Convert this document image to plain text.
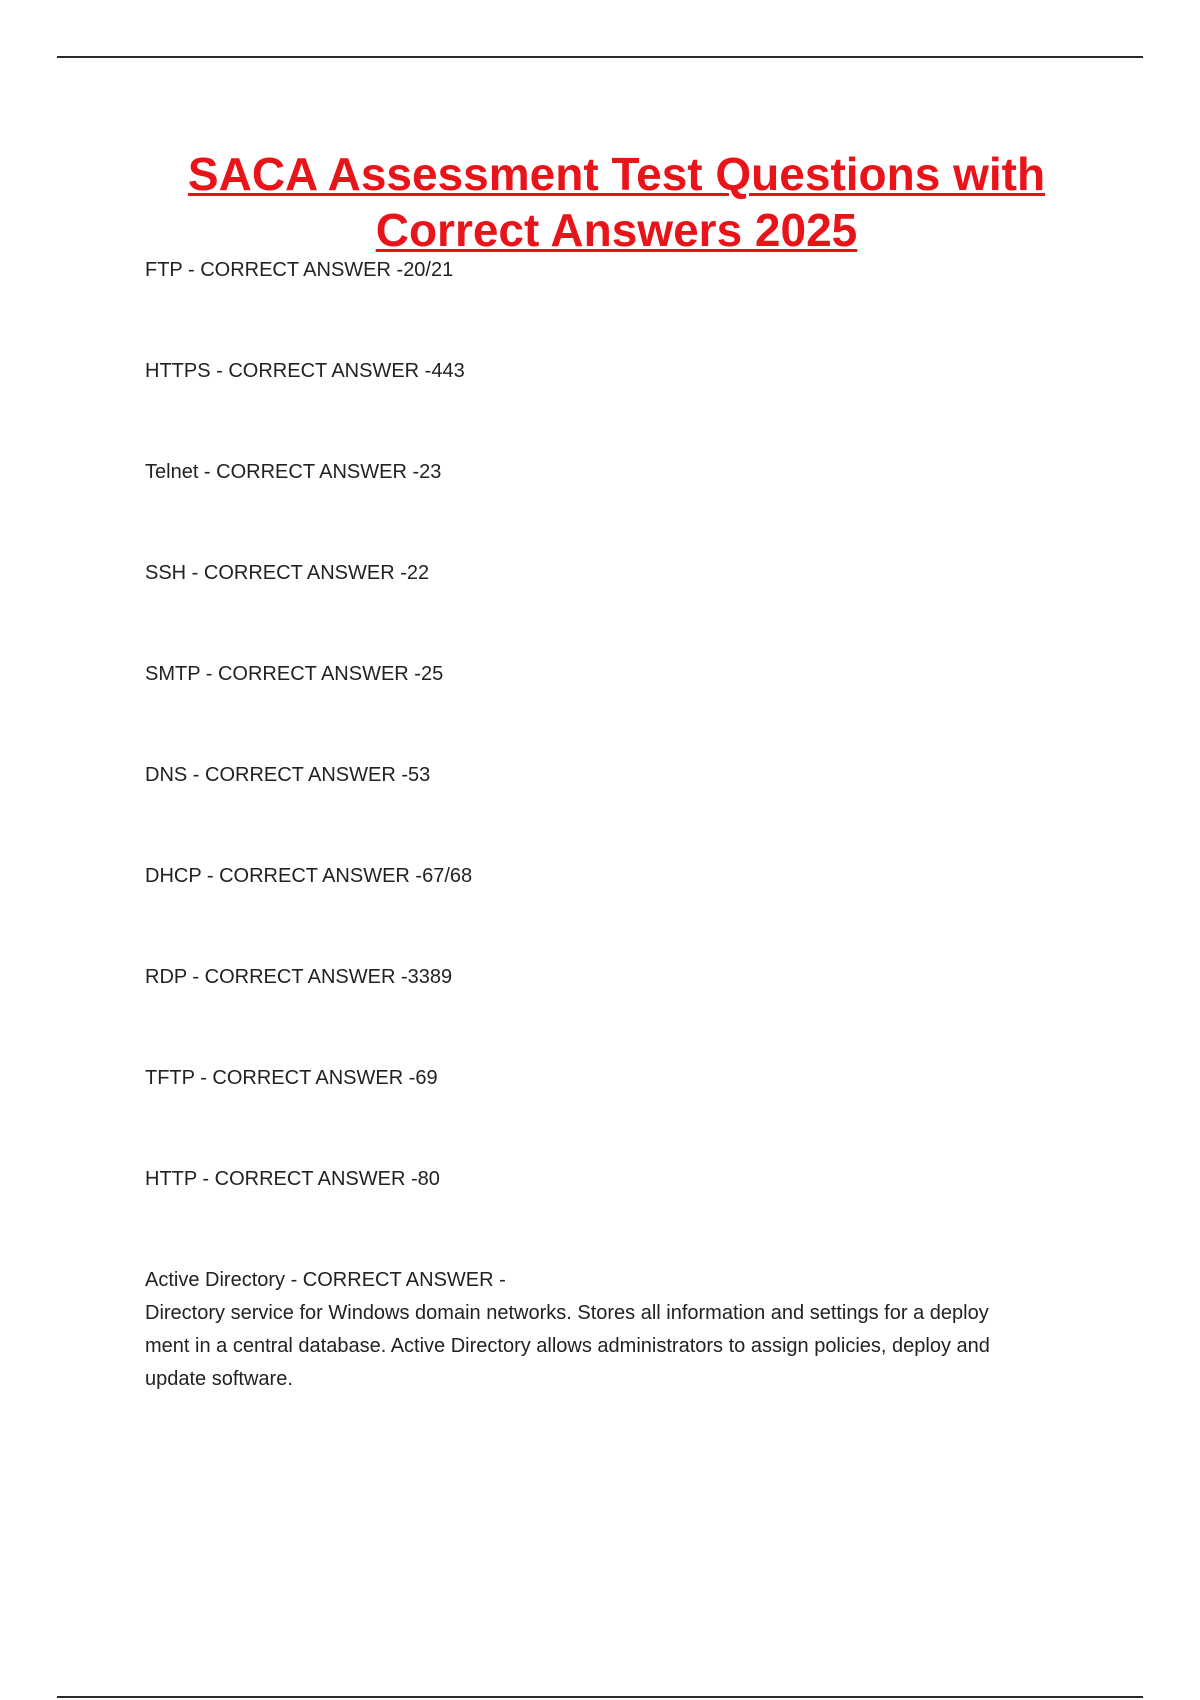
SACA Assessment Test Questions with
Correct Answers 2025
FTP - CORRECT ANSWER -20/21
HTTPS - CORRECT ANSWER -443
Telnet - CORRECT ANSWER -23
SSH - CORRECT ANSWER -22
SMTP - CORRECT ANSWER -25
DNS - CORRECT ANSWER -53
DHCP - CORRECT ANSWER -67/68
RDP - CORRECT ANSWER -3389
TFTP - CORRECT ANSWER -69
HTTP - CORRECT ANSWER -80
Active Directory - CORRECT ANSWER -
Directory service for Windows domain networks. Stores all information and settings for a deploy
ment in a central database. Active Directory allows administrators to assign policies, deploy and
update software.
